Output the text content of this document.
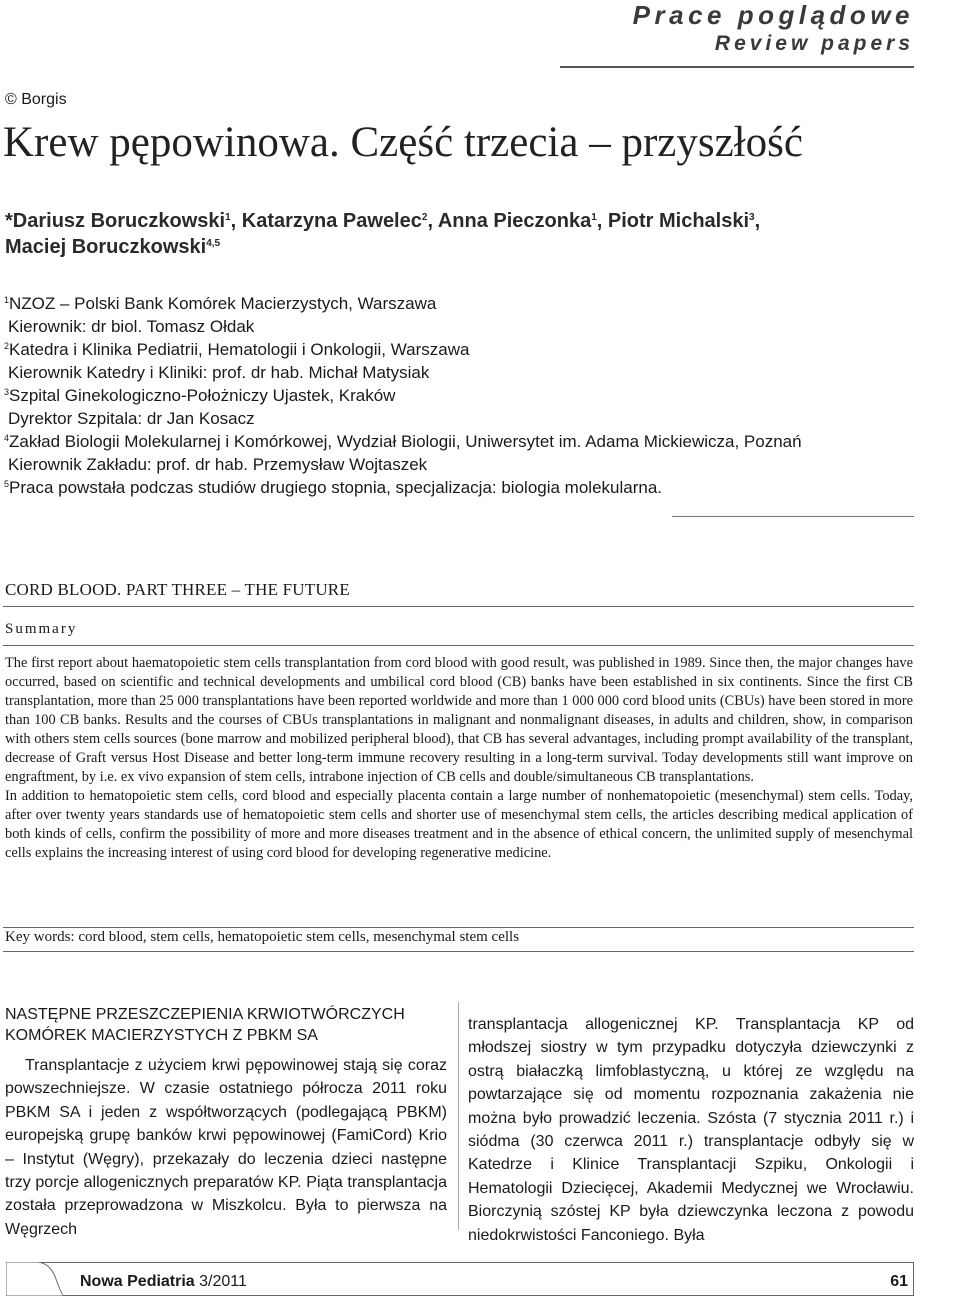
Prace poglądowe
Review papers
© Borgis
Krew pępowinowa. Część trzecia – przyszłość
*Dariusz Boruczkowski$^1$, Katarzyna Pawelec$^2$, Anna Pieczonka$^1$, Piotr Michalski$^3$,
Maciej Boruczkowski$^{4,5}$
$^1$NZOZ – Polski Bank Komórek Macierzystych, Warszawa
Kierownik: dr biol. Tomasz Ołdak
$^2$Katedra i Klinika Pediatrii, Hematologii i Onkologii, Warszawa
Kierownik Katedry i Kliniki: prof. dr hab. Michał Matysiak
$^3$Szpital Ginekologiczno-Położniczy Ujastek, Kraków
Dyrektor Szpitala: dr Jan Kosacz
$^4$Zakład Biologii Molekularnej i Komórkowej, Wydział Biologii, Uniwersytet im. Adama Mickiewicza, Poznań
Kierownik Zakładu: prof. dr hab. Przemysław Wojtaszek
$^5$Praca powstała podczas studiów drugiego stopnia, specjalizacja: biologia molekularna.
CORD BLOOD. PART THREE – THE FUTURE
Summary

The first report about haematopoietic stem cells transplantation from cord blood with good result, was published in 1989. Since then, the major changes have occurred, based on scientific and technical developments and umbilical cord blood (CB) banks have been established in six continents. Since the first CB transplantation, more than 25 000 transplantations have been reported worldwide and more than 1 000 000 cord blood units (CBUs) have been stored in more than 100 CB banks. Results and the courses of CBUs transplantations in malignant and nonmalignant diseases, in adults and children, show, in comparison with others stem cells sources (bone marrow and mobilized peripheral blood), that CB has several advantages, including prompt availability of the transplant, decrease of Graft versus Host Disease and better long-term immune recovery resulting in a long-term survival. Today developments still want improve on engraftment, by i.e. ex vivo expansion of stem cells, intrabone injection of CB cells and double/simultaneous CB transplantations.

In addition to hematopoietic stem cells, cord blood and especially placenta contain a large number of nonhematopoietic (mesenchymal) stem cells. Today, after over twenty years standards use of hematopoietic stem cells and shorter use of mesenchymal stem cells, the articles describing medical application of both kinds of cells, confirm the possibility of more and more diseases treatment and in the absence of ethical concern, the unlimited supply of mesenchymal cells explains the increasing interest of using cord blood for developing regenerative medicine.

Key words: cord blood, stem cells, hematopoietic stem cells, mesenchymal stem cells
NASTĘPNE PRZESZCZEPIENIA KRWIOTWÓRCZYCH KOMÓREK MACIERZYSTYCH Z PBKM SA
Transplantacje z użyciem krwi pępowinowej stają się coraz powszechniejsze. W czasie ostatniego półrocza 2011 roku PBKM SA i jeden z współtworzących (podlegającą PBKM) europejską grupę banków krwi pępowinowej (FamiCord) Krio – Instytut (Węgry), przekazały do leczenia dzieci następne trzy porcje allogenicznych preparatów KP. Piąta transplantacja została przeprowadzona w Miszkolcu. Była to pierwsza na Węgrzech
transplantacja allogenicznej KP. Transplantacja KP od młodszej siostry w tym przypadku dotyczyła dziewczynki z ostrą białaczką limfoblastyczną, u której ze względu na powtarzające się od momentu rozpoznania zakażenia nie można było prowadzić leczenia. Szósta (7 stycznia 2011 r.) i siódma (30 czerwca 2011 r.) transplantacje odbyły się w Katedrze i Klinice Transplantacji Szpiku, Onkologii i Hematologii Dziecięcej, Akademii Medycznej we Wrocławiu. Biorczynią szóstej KP była dziewczynka leczona z powodu niedokrwistości Fanconiego. Była
Nowa Pediatria 3/2011	61
